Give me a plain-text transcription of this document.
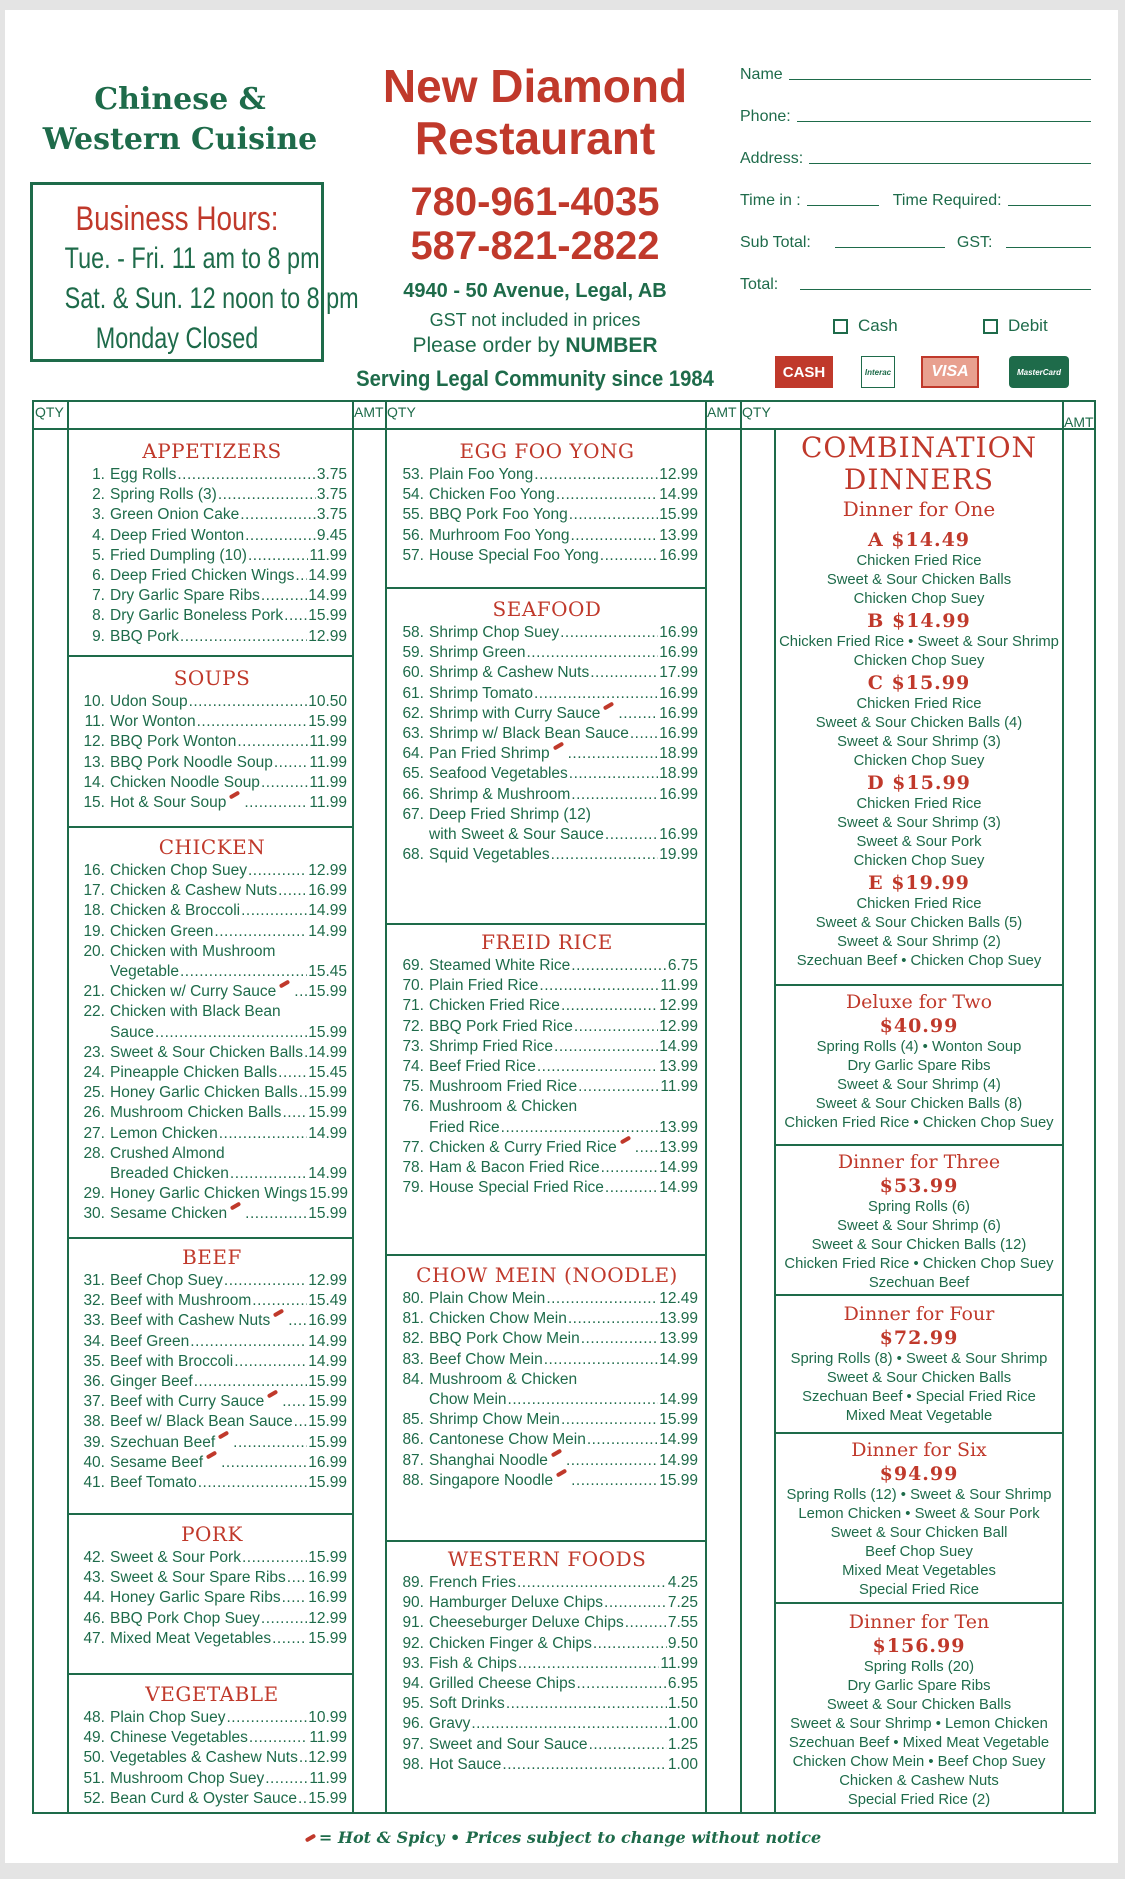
Chinese &
Western Cuisine
Business Hours:
Tue. - Fri. 11 am to 8 pm
Sat. & Sun. 12 noon to 8 pm
Monday Closed
New Diamond
Restaurant
780-961-4035
587-821-2822
4940 - 50 Avenue, Legal, AB
GST not included in prices
Please order by NUMBER
Serving Legal Community since 1984
Name
Phone:
Address:
Time in :	Time Required:
Sub Total:	GST:
Total:
Cash	Debit
CASH	Interac	VISA	MasterCard
QTY	AMT QTY	AMT QTY
AMT
APPETIZERS
1. Egg Rolls .....	3.75
2. Spring Rolls (3) .....	3.75
3. Green Onion Cake .....	3.75
4. Deep Fried Wonton .....	9.45
5. Fried Dumpling (10) .....	11.99
6. Deep Fried Chicken Wings ..... 14.99
7. Dry Garlic Spare Ribs .....	14.99
8. Dry Garlic Boneless Pork ..... 15.99
9. BBQ Pork .....	12.99
SOUPS
10. Udon Soup .....	10.50
11. Wor Wonton .....	15.99
12. BBQ Pork Wonton .....	11.99
13. BBQ Pork Noodle Soup ..... 11.99
14. Chicken Noodle Soup .....	11.99
15. Hot & Sour Soup .....	11.99
CHICKEN
16. Chicken Chop Suey .....	12.99
17. Chicken & Cashew Nuts ..... 16.99
18. Chicken & Broccoli .....	14.99
19. Chicken Green .....	14.99
20. Chicken with Mushroom
Vegetable .....	15.45
21. Chicken w/ Curry Sauce ..... 15.99
22. Chicken with Black Bean
Sauce .....	15.99
23. Sweet & Sour Chicken Balls ..... 14.99
24. Pineapple Chicken Balls ..... 15.45
25. Honey Garlic Chicken Balls ..... 15.99
26. Mushroom Chicken Balls ..... 15.99
27. Lemon Chicken .....	14.99
28. Crushed Almond
Breaded Chicken .....	14.99
29. Honey Garlic Chicken Wings 15.99
30. Sesame Chicken .....	15.99
BEEF
31. Beef Chop Suey .....	12.99
32. Beef with Mushroom .....	15.49
33. Beef with Cashew Nuts ..... 16.99
34. Beef Green .....	14.99
35. Beef with Broccoli .....	14.99
36. Ginger Beef .....	15.99
37. Beef with Curry Sauce .....	15.99
38. Beef w/ Black Bean Sauce ..... 15.99
39. Szechuan Beef .....	15.99
40. Sesame Beef .....	16.99
41. Beef Tomato .....	15.99
PORK
42. Sweet & Sour Pork .....	15.99
43. Sweet & Sour Spare Ribs ..... 16.99
44. Honey Garlic Spare Ribs ..... 16.99
46. BBQ Pork Chop Suey .....	12.99
47. Mixed Meat Vegetables ..... 15.99
VEGETABLE
48. Plain Chop Suey .....	10.99
49. Chinese Vegetables .....	11.99
50. Vegetables & Cashew Nuts ..... 12.99
51. Mushroom Chop Suey .....	11.99
52. Bean Curd & Oyster Sauce ..... 15.99
EGG FOO YONG
53. Plain Foo Yong .....	12.99
54. Chicken Foo Yong .....	14.99
55. BBQ Pork Foo Yong .....	15.99
56. Murhroom Foo Yong .....	13.99
57. House Special Foo Yong .....	16.99
SEAFOOD
58. Shrimp Chop Suey .....	16.99
59. Shrimp Green .....	16.99
60. Shrimp & Cashew Nuts .....	17.99
61. Shrimp Tomato .....	16.99
62. Shrimp with Curry Sauce .....	16.99
63. Shrimp w/ Black Bean Sauce ..... 16.99
64. Pan Fried Shrimp .....	18.99
65. Seafood Vegetables .....	18.99
66. Shrimp & Mushroom .....	16.99
67. Deep Fried Shrimp (12)
with Sweet & Sour Sauce .....	16.99
68. Squid Vegetables .....	19.99
FREID RICE
69. Steamed White Rice .....	6.75
70. Plain Fried Rice .....	11.99
71. Chicken Fried Rice .....	12.99
72. BBQ Pork Fried Rice .....	12.99
73. Shrimp Fried Rice .....	14.99
74. Beef Fried Rice .....	13.99
75. Mushroom Fried Rice .....	11.99
76. Mushroom & Chicken
Fried Rice .....	13.99
77. Chicken & Curry Fried Rice .....	13.99
78. Ham & Bacon Fried Rice .....	14.99
79. House Special Fried Rice .....	14.99
CHOW MEIN (NOODLE)
80. Plain Chow Mein .....	12.49
81. Chicken Chow Mein .....	13.99
82. BBQ Pork Chow Mein .....	13.99
83. Beef Chow Mein .....	14.99
84. Mushroom & Chicken
Chow Mein .....	14.99
85. Shrimp Chow Mein .....	15.99
86. Cantonese Chow Mein .....	14.99
87. Shanghai Noodle .....	14.99
88. Singapore Noodle .....	15.99
WESTERN FOODS
89. French Fries .....	4.25
90. Hamburger Deluxe Chips .....	7.25
91. Cheeseburger Deluxe Chips .....	7.55
92. Chicken Finger & Chips .....	9.50
93. Fish & Chips .....	11.99
94. Grilled Cheese Chips .....	6.95
95. Soft Drinks .....	1.50
96. Gravy .....	1.00
97. Sweet and Sour Sauce .....	1.25
98. Hot Sauce .....	1.00
COMBINATION
DINNERS
Dinner for One
A $14.49
Chicken Fried Rice
Sweet & Sour Chicken Balls
Chicken Chop Suey
B $14.99
Chicken Fried Rice • Sweet & Sour Shrimp
Chicken Chop Suey
C $15.99
Chicken Fried Rice
Sweet & Sour Chicken Balls (4)
Sweet & Sour Shrimp (3)
Chicken Chop Suey
D $15.99
Chicken Fried Rice
Sweet & Sour Shrimp (3)
Sweet & Sour Pork
Chicken Chop Suey
E $19.99
Chicken Fried Rice
Sweet & Sour Chicken Balls (5)
Sweet & Sour Shrimp (2)
Szechuan Beef • Chicken Chop Suey
Deluxe for Two
$40.99
Spring Rolls (4) • Wonton Soup
Dry Garlic Spare Ribs
Sweet & Sour Shrimp (4)
Sweet & Sour Chicken Balls (8)
Chicken Fried Rice • Chicken Chop Suey
Dinner for Three
$53.99
Spring Rolls (6)
Sweet & Sour Shrimp (6)
Sweet & Sour Chicken Balls (12)
Chicken Fried Rice • Chicken Chop Suey
Szechuan Beef
Dinner for Four
$72.99
Spring Rolls (8) • Sweet & Sour Shrimp
Sweet & Sour Chicken Balls
Szechuan Beef • Special Fried Rice
Mixed Meat Vegetable
Dinner for Six
$94.99
Spring Rolls (12) • Sweet & Sour Shrimp
Lemon Chicken • Sweet & Sour Pork
Sweet & Sour Chicken Ball
Beef Chop Suey
Mixed Meat Vegetables
Special Fried Rice
Dinner for Ten
$156.99
Spring Rolls (20)
Dry Garlic Spare Ribs
Sweet & Sour Chicken Balls
Sweet & Sour Shrimp • Lemon Chicken
Szechuan Beef • Mixed Meat Vegetable
Chicken Chow Mein • Beef Chop Suey
Chicken & Cashew Nuts
Special Fried Rice (2)
= Hot & Spicy • Prices subject to change without notice
